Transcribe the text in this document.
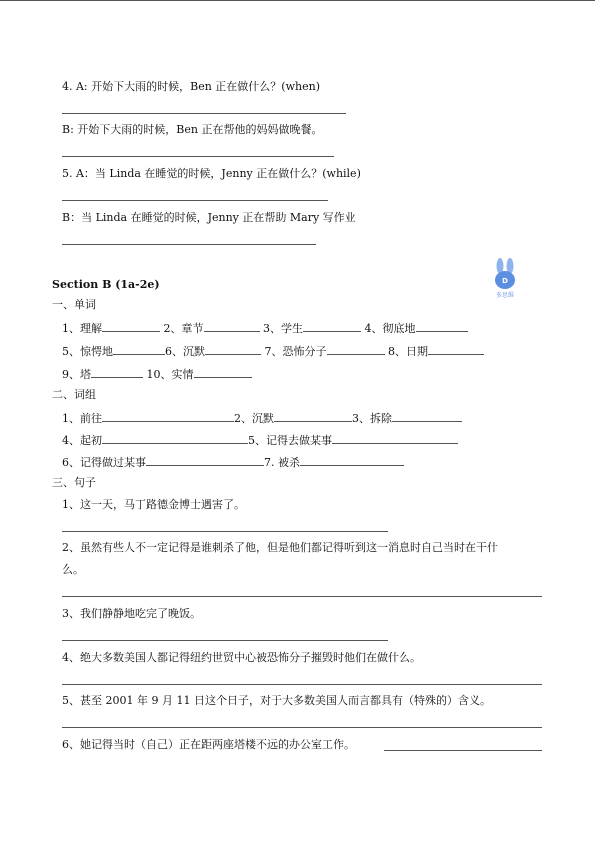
4. A: 开始下大雨的时候，Ben 正在做什么？(when)
B: 开始下大雨的时候，Ben 正在帮他的妈妈做晚餐。
5. A：当 Linda 在睡觉的时候，Jenny 正在做什么？(while)
B：当 Linda 在睡觉的时候，Jenny 正在帮助 Mary 写作业
Section B (1a-2e)	D
多思维
一、单词
1、理解	2、章节	3、学生	4、彻底地
5、惊愕地	6、沉默	7、恐怖分子	8、日期
9、塔	10、实情
二、词组
1、前往	2、沉默	3、拆除
4、起初	5、记得去做某事
6、记得做过某事	7. 被杀
三、句子
1、这一天，马丁路德金博士遇害了。
2、虽然有些人不一定记得是谁刺杀了他，但是他们都记得听到这一消息时自己当时在干什
么。
3、我们静静地吃完了晚饭。
4、绝大多数美国人都记得纽约世贸中心被恐怖分子摧毁时他们在做什么。
5、甚至 2001 年 9 月 11 日这个日子，对于大多数美国人而言都具有（特殊的）含义。
6、她记得当时（自己）正在距两座塔楼不远的办公室工作。
